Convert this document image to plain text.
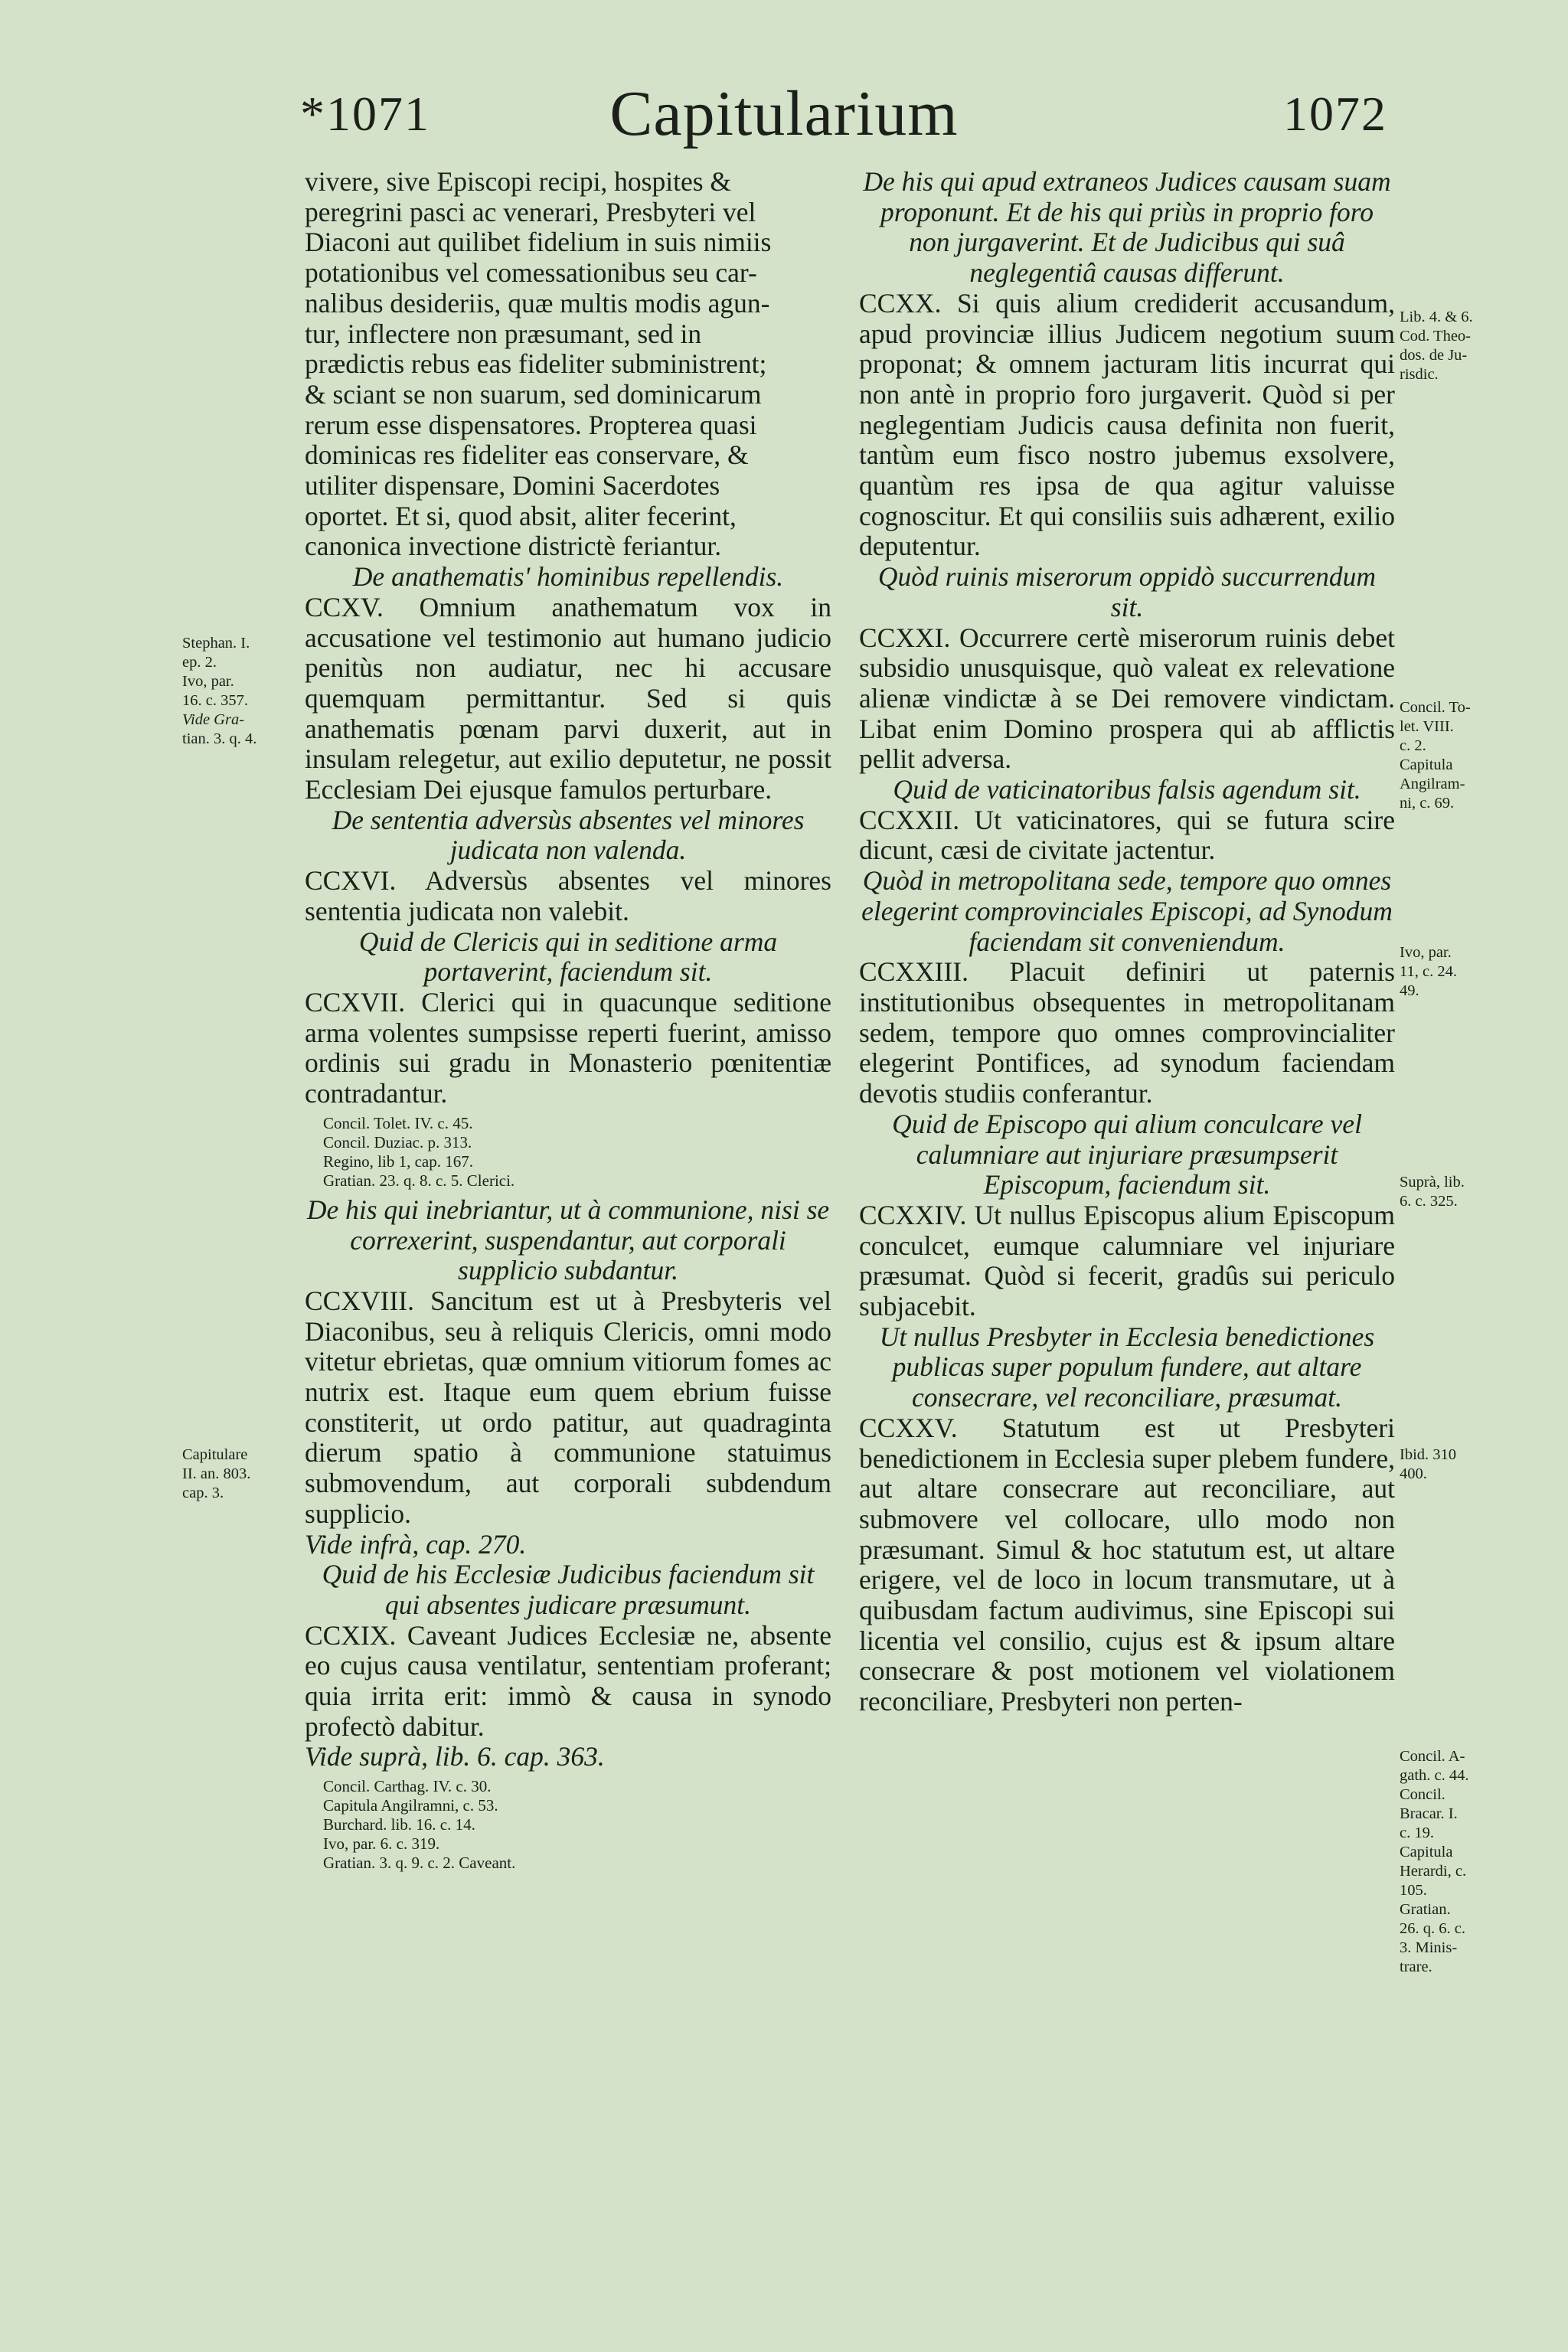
Capitularium
*1071	1072

vivere, sive Episcopi recipi, hospites &

peregrini pasci ac venerari, Presbyteri vel

Diaconi aut quilibet fidelium in suis nimiis

potationibus vel comessationibus seu car-

nalibus desideriis, quæ multis modis agun-

tur, inflectere non præsumant, sed in

prædictis rebus eas fideliter subministrent;

& sciant se non suarum, sed dominicarum

rerum esse dispensatores. Propterea quasi

dominicas res fideliter eas conservare, &

utiliter dispensare, Domini Sacerdotes

oportet. Et si, quod absit, aliter fecerint,

canonica invectione districtè feriantur.

De anathematis' hominibus repellendis.

CCXV. Omnium anathematum vox in accusatione vel testimonio aut humano judicio penitùs non audiatur, nec hi accusare quemquam permittantur. Sed si quis anathematis pœnam parvi duxerit, aut in insulam relegetur, aut exilio deputetur, ne possit Ecclesiam Dei ejusque famulos perturbare.

De sententia adversùs absentes vel minores judicata non valenda.

CCXVI. Adversùs absentes vel minores sententia judicata non valebit.

Quid de Clericis qui in seditione arma portaverint, faciendum sit.

CCXVII. Clerici qui in quacunque seditione arma volentes sumpsisse reperti fuerint, amisso ordinis sui gradu in Monasterio pœnitentiæ contradantur.

Concil. Tolet. IV. c. 45.
Concil. Duziac. p. 313.
Regino, lib 1, cap. 167.
Gratian. 23. q. 8. c. 5. Clerici.

De his qui inebriantur, ut à communione, nisi se correxerint, suspendantur, aut corporali supplicio subdantur.

CCXVIII. Sancitum est ut à Presbyteris vel Diaconibus, seu à reliquis Clericis, omni modo vitetur ebrietas, quæ omnium vitiorum fomes ac nutrix est. Itaque eum quem ebrium fuisse constiterit, ut ordo patitur, aut quadraginta dierum spatio à communione statuimus submovendum, aut corporali subdendum supplicio.

Vide infrà, cap. 270.

Quid de his Ecclesiæ Judicibus faciendum sit qui absentes judicare præsumunt.

CCXIX. Caveant Judices Ecclesiæ ne, absente eo cujus causa ventilatur, sententiam proferant; quia irrita erit: immò & causa in synodo profectò dabitur.

Vide suprà, lib. 6. cap. 363.

Concil. Carthag. IV. c. 30.
Capitula Angilramni, c. 53.
Burchard. lib. 16. c. 14.
Ivo, par. 6. c. 319.
Gratian. 3. q. 9. c. 2. Caveant.

De his qui apud extraneos Judices causam suam proponunt. Et de his qui priùs in proprio foro non jurgaverint. Et de Judicibus qui suâ neglegentiâ causas differunt.

CCXX. Si quis alium crediderit accusandum, apud provinciæ illius Judicem negotium suum proponat; & omnem jacturam litis incurrat qui non antè in proprio foro jurgaverit. Quòd si per neglegentiam Judicis causa definita non fuerit, tantùm eum fisco nostro jubemus exsolvere, quantùm res ipsa de qua agitur valuisse cognoscitur. Et qui consiliis suis adhærent, exilio deputentur.

Quòd ruinis miserorum oppidò succurrendum sit.

CCXXI. Occurrere certè miserorum ruinis debet subsidio unusquisque, quò valeat ex relevatione alienæ vindictæ à se Dei removere vindictam. Libat enim Domino prospera qui ab afflictis pellit adversa.

Quid de vaticinatoribus falsis agendum sit.

CCXXII. Ut vaticinatores, qui se futura scire dicunt, cæsi de civitate jactentur.

Quòd in metropolitana sede, tempore quo omnes elegerint comprovinciales Episcopi, ad Synodum faciendam sit conveniendum.

CCXXIII. Placuit definiri ut paternis institutionibus obsequentes in metropolitanam sedem, tempore quo omnes comprovincialiter elegerint Pontifices, ad synodum faciendam devotis studiis conferantur.

Quid de Episcopo qui alium conculcare vel calumniare aut injuriare præsumpserit Episcopum, faciendum sit.

CCXXIV. Ut nullus Episcopus alium Episcopum conculcet, eumque calumniare vel injuriare præsumat. Quòd si fecerit, gradûs sui periculo subjacebit.

Ut nullus Presbyter in Ecclesia benedictiones publicas super populum fundere, aut altare consecrare, vel reconciliare, præsumat.

CCXXV. Statutum est ut Presbyteri benedictionem in Ecclesia super plebem fundere, aut altare consecrare aut reconciliare, aut submovere vel collocare, ullo modo non præsumant. Simul & hoc statutum est, ut altare erigere, vel de loco in locum transmutare, ut à quibusdam factum audivimus, sine Episcopi sui licentia vel consilio, cujus est & ipsum altare consecrare & post motionem vel violationem reconciliare, Presbyteri non perten-

Stephan. I.
ep. 2.
Ivo, par.
16. c. 357.
Vide Gra-
tian. 3. q. 4.
Capitulare
II. an. 803.
cap. 3.
Lib. 4. & 6.
Cod. Theo-
dos. de Ju-
risdic.
Concil. To-
let. VIII.
c. 2.
Capitula
Angilram-
ni, c. 69.
Ivo, par.
11, c. 24.
49.
Suprà, lib.
6. c. 325.
Ibid. 310
400.
Concil. A-
gath. c. 44.
Concil.
Bracar. I.
c. 19.
Capitula
Herardi, c.
105.
Gratian.
26. q. 6. c.
3. Minis-
trare.
